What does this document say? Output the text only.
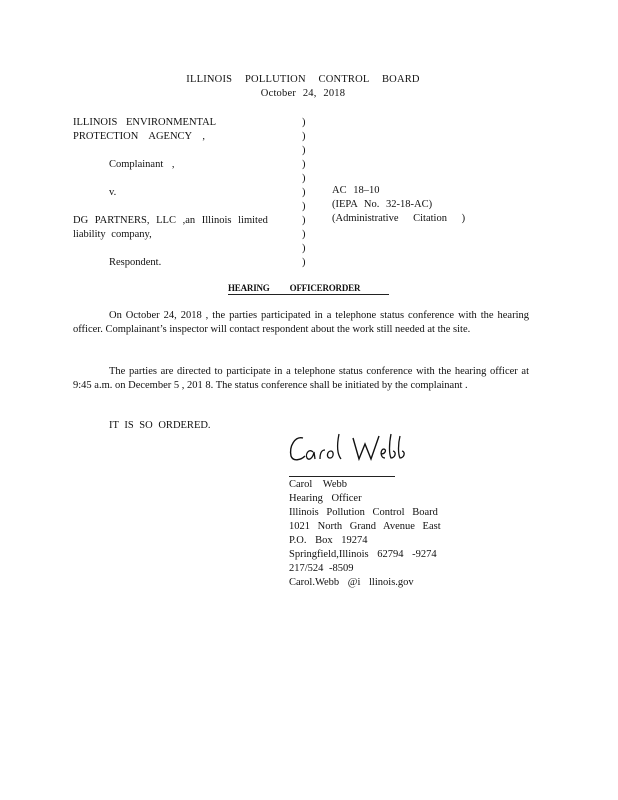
ILLINOIS POLLUTION CONTROL BOARD
October 24, 2018
ILLINOIS ENVIRONMENTAL
PROTECTION AGENCY ,

Complainant ,

v.

DG PARTNERS, LLC ,an Illinois limited
liability company,

Respondent.
)
)
)
)
)
)
)
)
)
)
)
AC 18–10
(IEPA No. 32-18-AC)
(Administrative Citation )
HEARING OFFICERORDER
On October 24, 2018 , the parties participated in a telephone status conference with the hearing officer. Complainant’s inspector will contact respondent about the work still needed at the site.
The parties are directed to participate in a telephone status conference with the hearing officer at 9:45 a.m. on December 5 , 201 8. The status conference shall be initiated by the complainant .
IT IS SO ORDERED.
Carol Webb
Hearing Officer
Illinois Pollution Control Board
1021 North Grand Avenue East
P.O. Box 19274
Springfield,Illinois 62794 -9274
217/524 -8509
Carol.Webb @i llinois.gov
